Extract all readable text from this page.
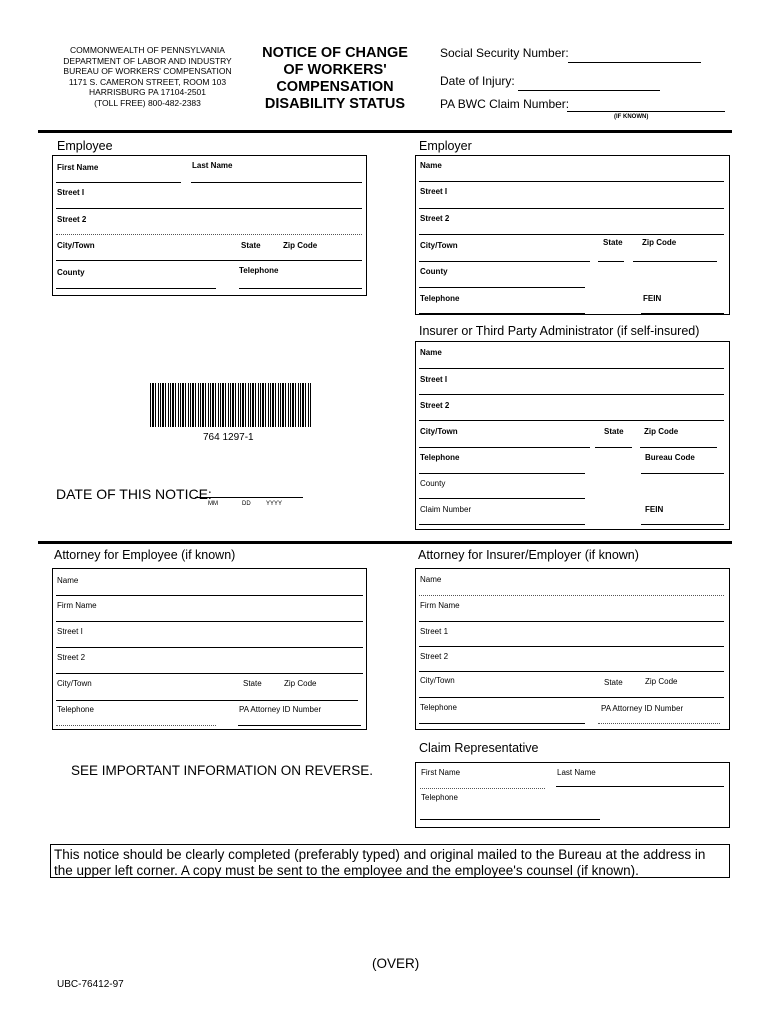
COMMONWEALTH OF PENNSYLVANIA
DEPARTMENT OF LABOR AND INDUSTRY
BUREAU OF WORKERS' COMPENSATION
1171 S. CAMERON STREET, ROOM 103
HARRISBURG PA 17104-2501
(TOLL FREE) 800-482-2383
NOTICE OF CHANGE
OF WORKERS'
COMPENSATION
DISABILITY STATUS
Social Security Number:
Date of Injury:
PA BWC Claim Number:
(IF KNOWN)
Employee
First Name	Last Name
Street I
Street 2
City/Town	State	Zip Code
County	Telephone
Employer
Name
Street I
Street 2
City/Town	State Zip Code
County
Telephone	FEIN
Insurer or Third Party Administrator (if self-insured)
Name
Street I
Street 2
City/Town	State	Zip Code
Telephone	Bureau Code
County
Claim Number	FEIN
764 1297-1
DATE OF THIS NOTICE:
MM	DD	YYYY
Attorney for Employee (if known)
Name
Firm Name
Street I
Street 2
City/Town	State	Zip Code
Telephone	PA Attorney ID Number
Attorney for Insurer/Employer (if known)
Name
Firm Name
Street 1
Street 2
City/Town	State	Zip Code
Telephone	PA Attorney ID Number
Claim Representative
First Name	Last Name
Telephone
SEE IMPORTANT INFORMATION ON REVERSE.
This notice should be clearly completed (preferably typed) and original mailed to the Bureau at the address in the upper left corner. A copy must be sent to the employee and the employee's counsel (if known).
(OVER)
UBC-76412-97
